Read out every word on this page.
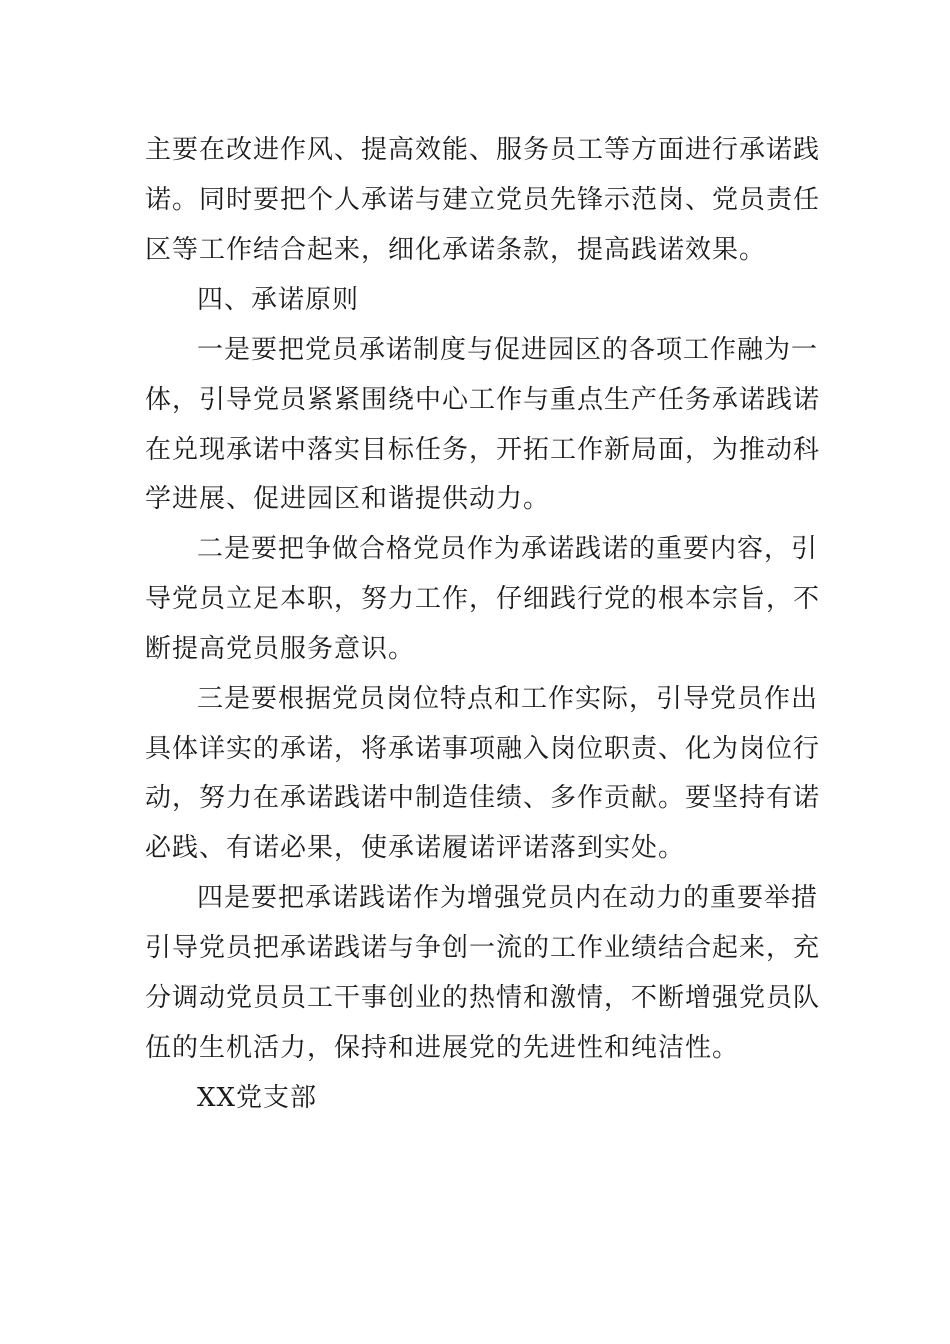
主要在改进作风、提高效能、服务员工等方面进行承诺践
诺。同时要把个人承诺与建立党员先锋示范岗、党员责任
区等工作结合起来，细化承诺条款，提高践诺效果。
四、承诺原则
一是要把党员承诺制度与促进园区的各项工作融为一
体，引导党员紧紧围绕中心工作与重点生产任务承诺践诺
在兑现承诺中落实目标任务，开拓工作新局面，为推动科
学进展、促进园区和谐提供动力。
二是要把争做合格党员作为承诺践诺的重要内容，引
导党员立足本职，努力工作，仔细践行党的根本宗旨，不
断提高党员服务意识。
三是要根据党员岗位特点和工作实际，引导党员作出
具体详实的承诺，将承诺事项融入岗位职责、化为岗位行
动，努力在承诺践诺中制造佳绩、多作贡献。要坚持有诺
必践、有诺必果，使承诺履诺评诺落到实处。
四是要把承诺践诺作为增强党员内在动力的重要举措
引导党员把承诺践诺与争创一流的工作业绩结合起来，充
分调动党员员工干事创业的热情和激情，不断增强党员队
伍的生机活力，保持和进展党的先进性和纯洁性。
XX党支部
